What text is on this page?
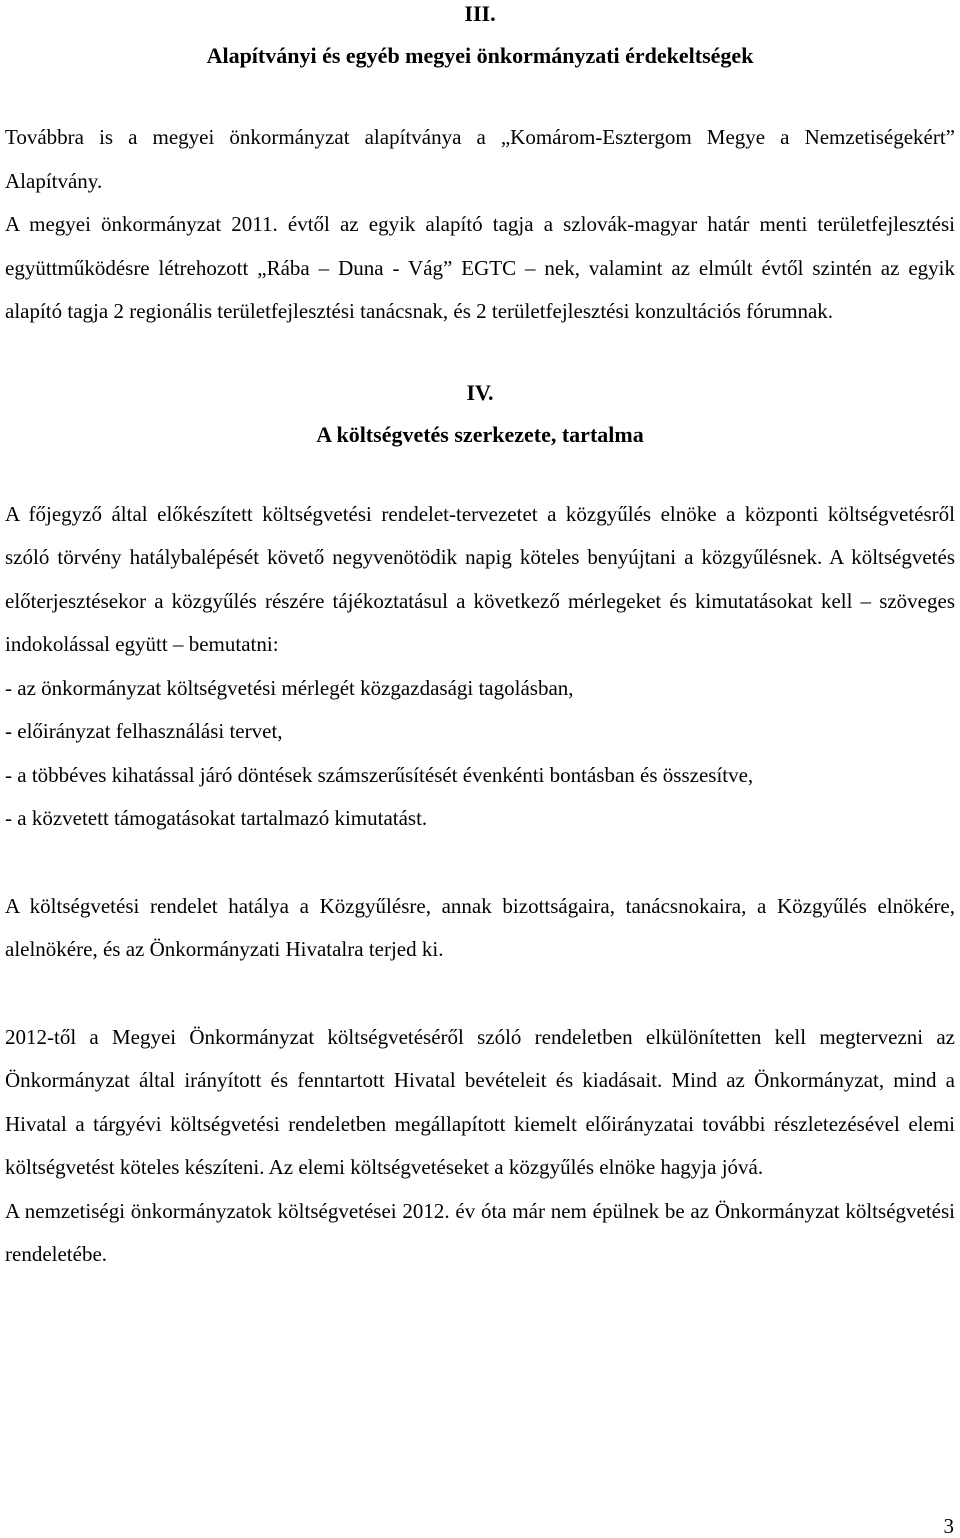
III.
Alapítványi és egyéb megyei önkormányzati érdekeltségek

Továbbra is a megyei önkormányzat alapítványa a „Komárom-Esztergom Megye a Nemzetiségekért” Alapítvány.

A megyei önkormányzat 2011. évtől az egyik alapító tagja a szlovák-magyar határ menti területfejlesztési együttműködésre létrehozott „Rába – Duna - Vág” EGTC – nek, valamint az elmúlt évtől szintén az egyik alapító tagja 2 regionális területfejlesztési tanácsnak, és 2 területfejlesztési konzultációs fórumnak.

IV.
A költségvetés szerkezete, tartalma

A főjegyző által előkészített költségvetési rendelet-tervezetet a közgyűlés elnöke a központi költségvetésről szóló törvény hatálybalépését követő negyvenötödik napig köteles benyújtani a közgyűlésnek. A költségvetés előterjesztésekor a közgyűlés részére tájékoztatásul a következő mérlegeket és kimutatásokat kell – szöveges indokolással együtt – bemutatni:

- az önkormányzat költségvetési mérlegét közgazdasági tagolásban,
- előirányzat felhasználási tervet,
- a többéves kihatással járó döntések számszerűsítését évenkénti bontásban és összesítve,
- a közvetett támogatásokat tartalmazó kimutatást.

A költségvetési rendelet hatálya a Közgyűlésre, annak bizottságaira, tanácsnokaira, a Közgyűlés elnökére, alelnökére, és az Önkormányzati Hivatalra terjed ki.

2012-től a Megyei Önkormányzat költségvetéséről szóló rendeletben elkülönítetten kell megtervezni az Önkormányzat által irányított és fenntartott Hivatal bevételeit és kiadásait. Mind az Önkormányzat, mind a Hivatal a tárgyévi költségvetési rendeletben megállapított kiemelt előirányzatai további részletezésével elemi költségvetést köteles készíteni. Az elemi költségvetéseket a közgyűlés elnöke hagyja jóvá.

A nemzetiségi önkormányzatok költségvetései 2012. év óta már nem épülnek be az Önkormányzat költségvetési rendeletébe.

3
